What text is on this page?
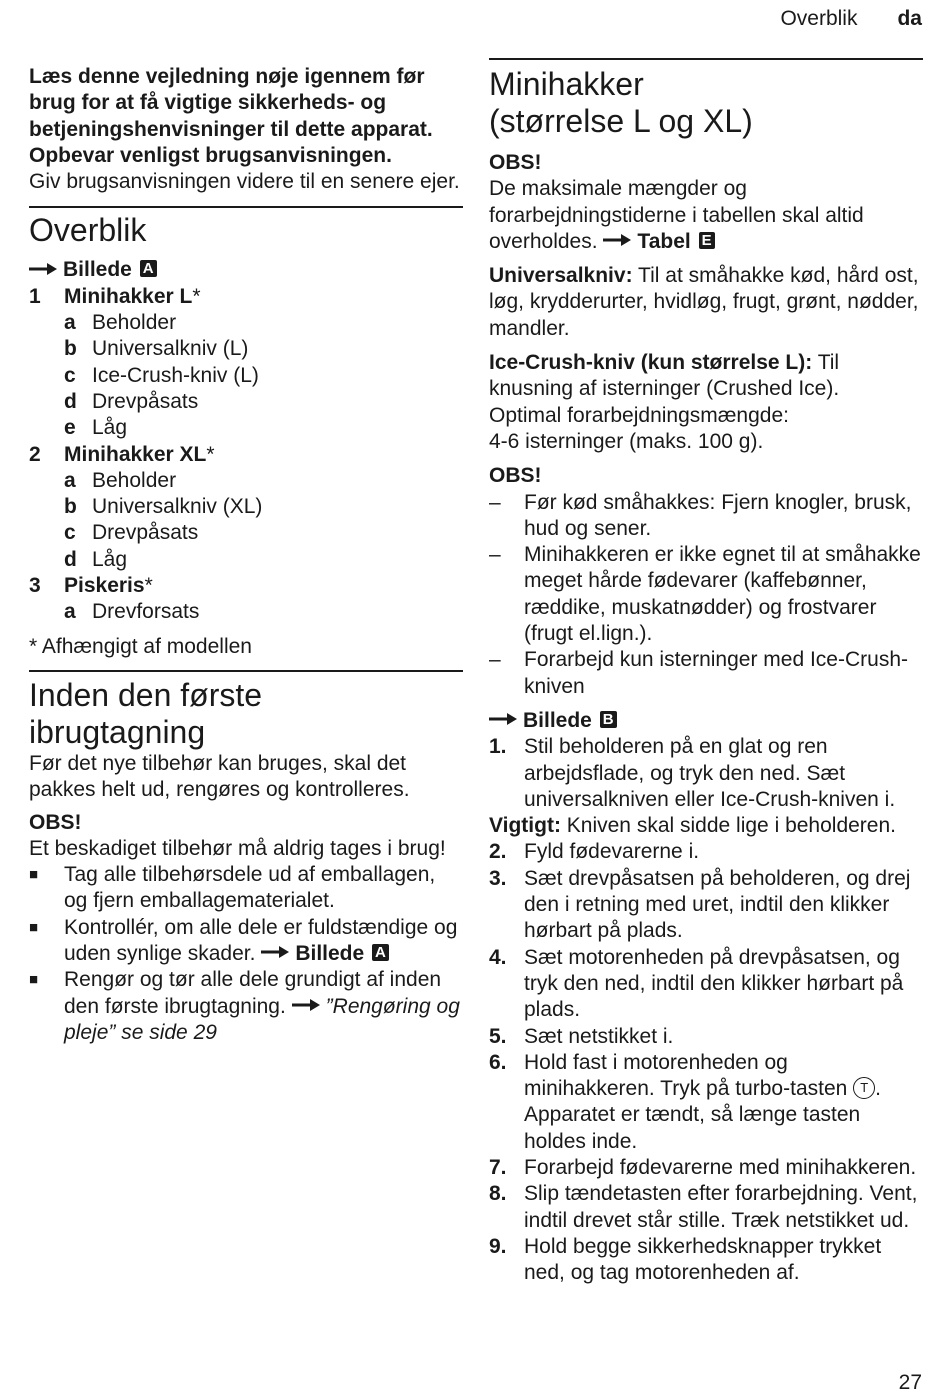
Overblik da

Læs denne vejledning nøje igennem før brug for at få vigtige sikkerheds- og betjeningshenvisninger til dette apparat. Opbevar venligst brugsanvisningen.

Giv brugsanvisningen videre til en senere ejer.

Overblik
Billede A
1	Minihakker L*
a Beholder
b Universalkniv (L)
c Ice-Crush-kniv (L)
d Drevpåsats
e Låg
2	Minihakker XL*
a Beholder
b Universalkniv (XL)
c Drevpåsats
d Låg
3	Piskeris*
a Drevforsats

* Afhængigt af modellen

Inden den første
ibrugtagning

Før det nye tilbehør kan bruges, skal det pakkes helt ud, rengøres og kontrolleres.

OBS!

Et beskadiget tilbehør må aldrig tages i brug!

■	Tag alle tilbehørsdele ud af emballagen, og fjern emballagematerialet.
■	Kontrollér, om alle dele er fuldstændige og uden synlige skader. Billede A
■	Rengør og tør alle dele grundigt af inden den første ibrugtagning. ”Rengøring og pleje” se side 29
Minihakker
(størrelse L og XL)

OBS!

De maksimale mængder og forarbejdningstiderne i tabellen skal altid overholdes. Tabel E

Universalkniv: Til at småhakke kød, hård ost, løg, krydderurter, hvidløg, frugt, grønt, nødder, mandler.

Ice-Crush-kniv (kun størrelse L): Til knusning af isterninger (Crushed Ice).

Optimal forarbejdningsmængde:

4-6 isterninger (maks. 100 g).

OBS!

–	Før kød småhakkes: Fjern knogler, brusk, hud og sener.
–	Minihakkeren er ikke egnet til at småhakke meget hårde fødevarer (kaffebønner, ræddike, muskatnødder) og frostvarer (frugt el.lign.).
–	Forarbejd kun isterninger med Ice-Crush-kniven
Billede B
1. Stil beholderen på en glat og ren arbejdsflade, og tryk den ned. Sæt universalkniven eller Ice-Crush-kniven i.

Vigtigt: Kniven skal sidde lige i beholderen.

2. Fyld fødevarerne i.
3. Sæt drevpåsatsen på beholderen, og drej den i retning med uret, indtil den klikker hørbart på plads.
4. Sæt motorenheden på drevpåsatsen, og tryk den ned, indtil den klikker hørbart på plads.
5. Sæt netstikket i.
6. Hold fast i motorenheden og minihakkeren. Tryk på turbo-tasten T . Apparatet er tændt, så længe tasten holdes inde.
7. Forarbejd fødevarerne med minihakkeren.
8. Slip tændetasten efter forarbejdning. Vent, indtil drevet står stille. Træk netstikket ud.
9. Hold begge sikkerhedsknapper trykket ned, og tag motorenheden af.
27
